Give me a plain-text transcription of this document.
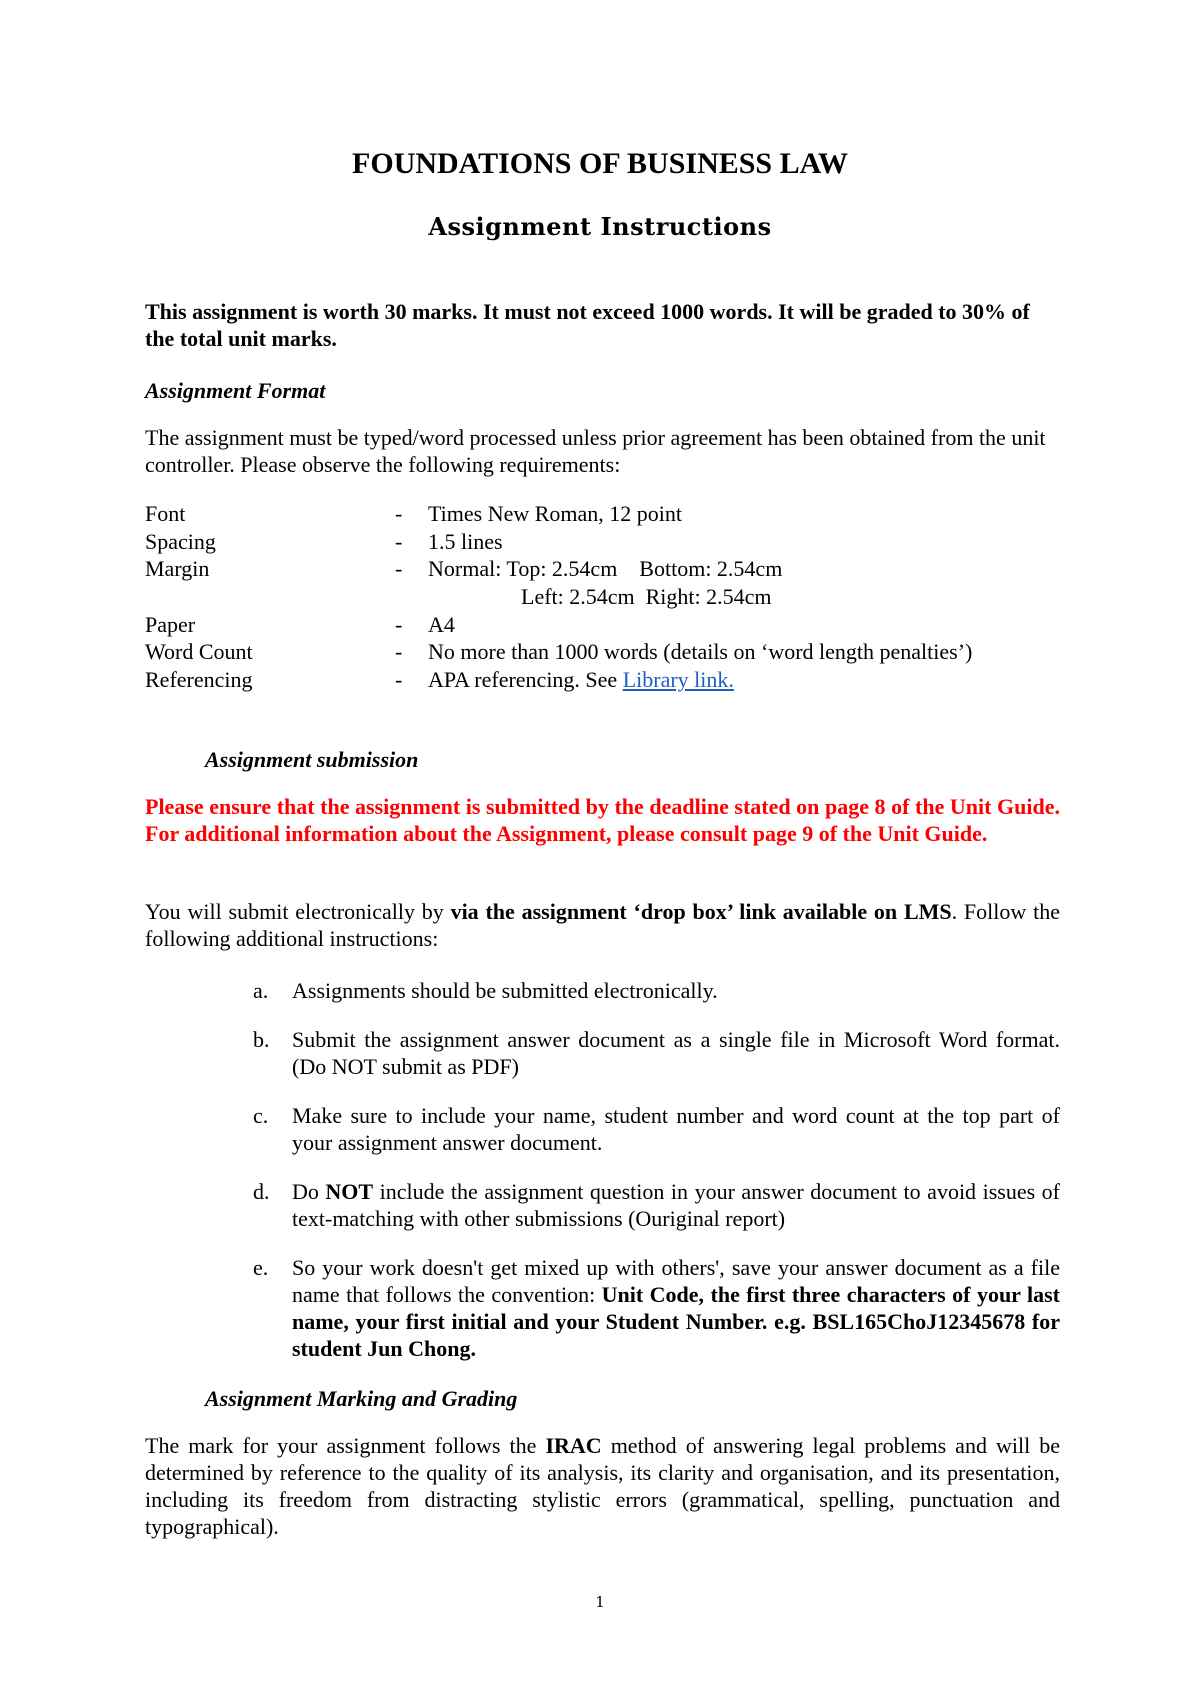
FOUNDATIONS OF BUSINESS LAW
Assignment Instructions

This assignment is worth 30 marks. It must not exceed 1000 words. It will be graded to 30% of the total unit marks.

Assignment Format

The assignment must be typed/word processed unless prior agreement has been obtained from the unit controller. Please observe the following requirements:

Font	-	Times New Roman, 12 point
Spacing	-	1.5 lines
Margin	-	Normal: Top: 2.54cm    Bottom: 2.54cm
		Left: 2.54cm  Right: 2.54cm
Paper	-	A4
Word Count	-	No more than 1000 words (details on ‘word length penalties’)
Referencing	-	APA referencing. See Library link.

Assignment submission

Please ensure that the assignment is submitted by the deadline stated on page 8 of the Unit Guide. For additional information about the Assignment, please consult page 9 of the Unit Guide.

You will submit electronically by via the assignment ‘drop box’ link available on LMS. Follow the following additional instructions:

a. Assignments should be submitted electronically.
b. Submit the assignment answer document as a single file in Microsoft Word format. (Do NOT submit as PDF)
c. Make sure to include your name, student number and word count at the top part of your assignment answer document.
d. Do NOT include the assignment question in your answer document to avoid issues of text-matching with other submissions (Ouriginal report)
e. So your work doesn't get mixed up with others', save your answer document as a file name that follows the convention: Unit Code, the first three characters of your last name, your first initial and your Student Number. e.g. BSL165ChoJ12345678 for student Jun Chong.

Assignment Marking and Grading

The mark for your assignment follows the IRAC method of answering legal problems and will be determined by reference to the quality of its analysis, its clarity and organisation, and its presentation, including its freedom from distracting stylistic errors (grammatical, spelling, punctuation and typographical).

1
